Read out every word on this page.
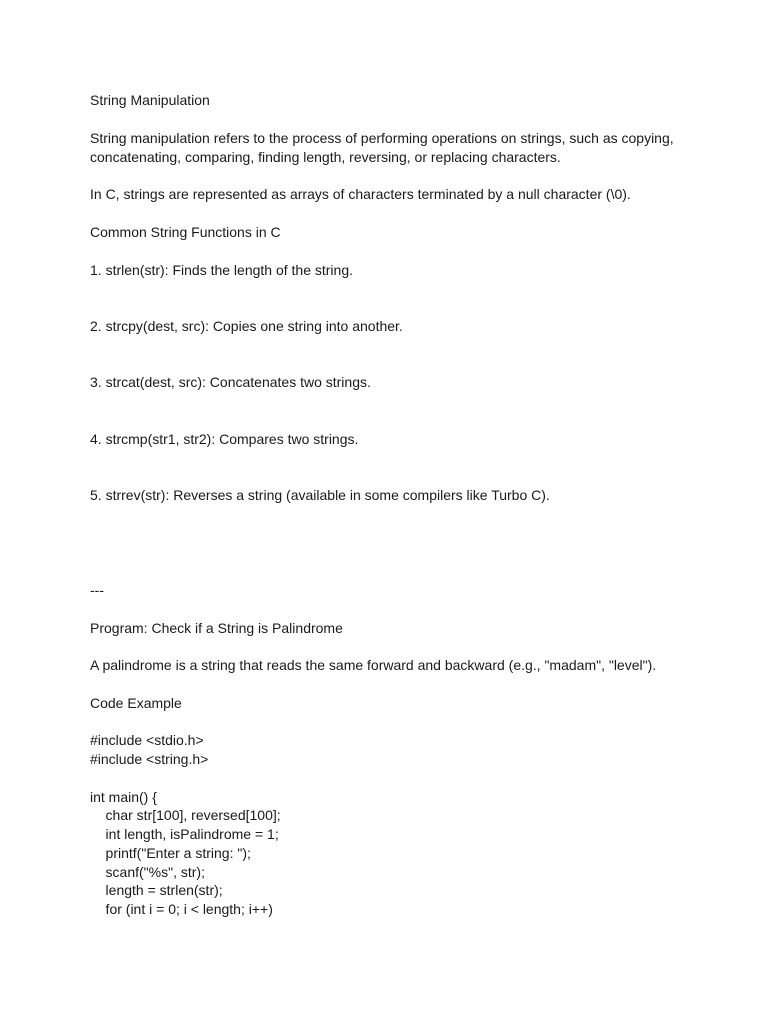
String Manipulation
String manipulation refers to the process of performing operations on strings, such as copying, concatenating, comparing, finding length, reversing, or replacing characters.
In C, strings are represented as arrays of characters terminated by a null character (\0).
Common String Functions in C
1. strlen(str): Finds the length of the string.
2. strcpy(dest, src): Copies one string into another.
3. strcat(dest, src): Concatenates two strings.
4. strcmp(str1, str2): Compares two strings.
5. strrev(str): Reverses a string (available in some compilers like Turbo C).
---
Program: Check if a String is Palindrome
A palindrome is a string that reads the same forward and backward (e.g., "madam", "level").
Code Example
#include <stdio.h>
#include <string.h>
int main() {
char str[100], reversed[100];
int length, isPalindrome = 1;
printf("Enter a string: ");
scanf("%s", str);
length = strlen(str);
for (int i = 0; i < length; i++)
